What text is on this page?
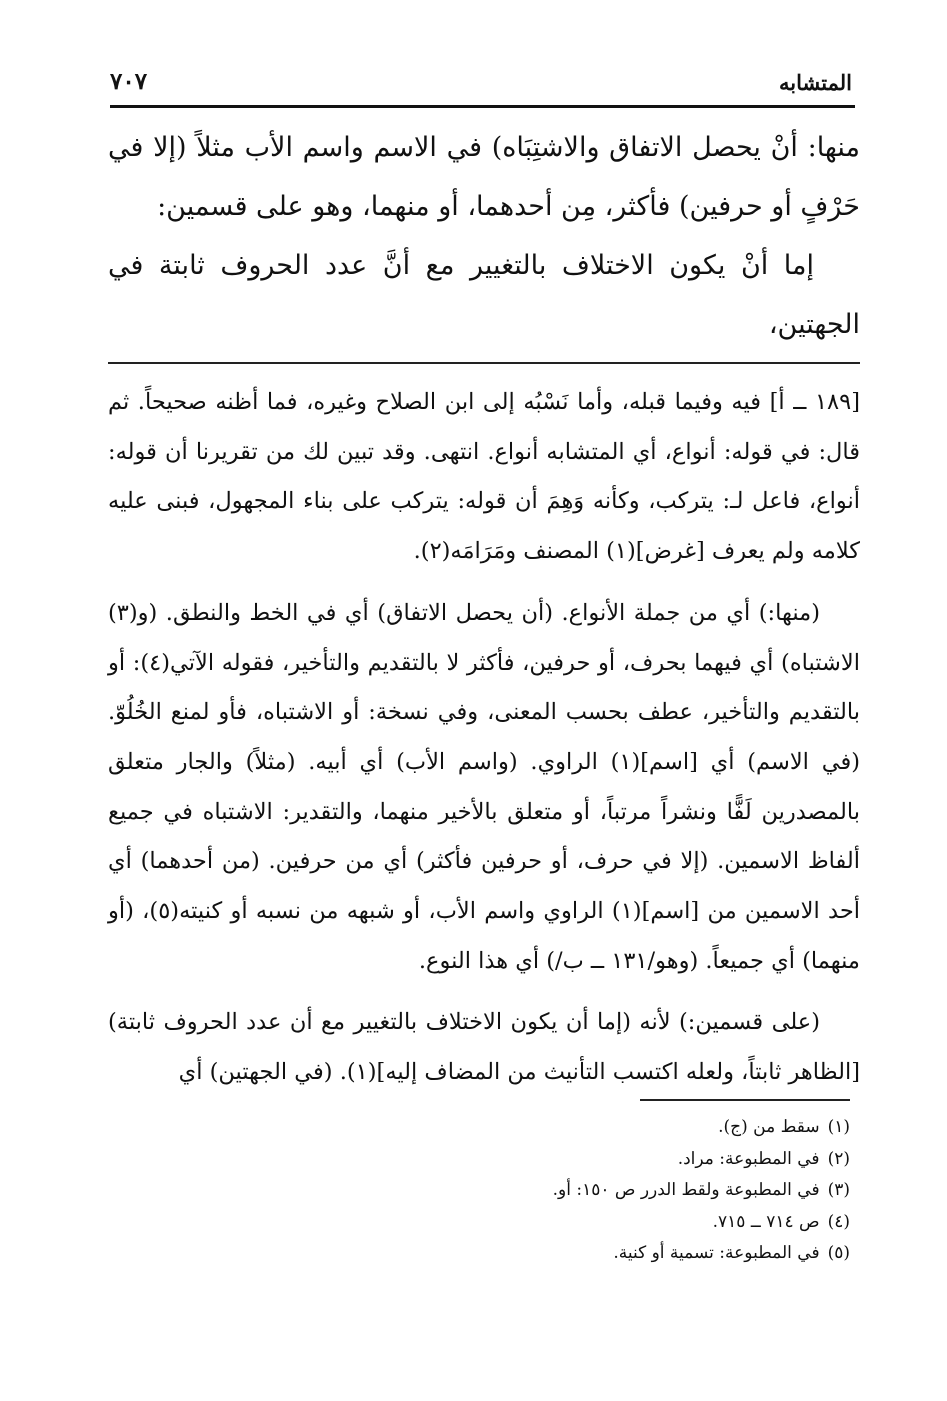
المتشابه
٧٠٧

منها: أنْ يحصل الاتفاق والاشتِبَاه) في الاسم واسم الأب مثلاً (إلا في حَرْفٍ أو حرفين) فأكثر، مِن أحدهما، أو منهما، وهو على قسمين:

إما أنْ يكون الاختلاف بالتغيير مع أنَّ عدد الحروف ثابتة في الجهتين،

[١٨٩ ــ أ] فيه وفيما قبله، وأما نَسْبُه إلى ابن الصلاح وغيره، فما أظنه صحيحاً. ثم قال: في قوله: أنواع، أي المتشابه أنواع. انتهى. وقد تبين لك من تقريرنا أن قوله: أنواع، فاعل لـ: يتركب، وكأنه وَهِمَ أن قوله: يتركب على بناء المجهول، فبنى عليه كلامه ولم يعرف [غرض](١) المصنف ومَرَامَه(٢).

(منها:) أي من جملة الأنواع. (أن يحصل الاتفاق) أي في الخط والنطق. (و(٣) الاشتباه) أي فيهما بحرف، أو حرفين، فأكثر لا بالتقديم والتأخير، فقوله الآتي(٤): أو بالتقديم والتأخير، عطف بحسب المعنى، وفي نسخة: أو الاشتباه، فأو لمنع الخُلُوّ. (في الاسم) أي [اسم](١) الراوي. (واسم الأب) أي أبيه. (مثلاً) والجار متعلق بالمصدرين لَفًّا ونشراً مرتباً، أو متعلق بالأخير منهما، والتقدير: الاشتباه في جميع ألفاظ الاسمين. (إلا في حرف، أو حرفين فأكثر) أي من حرفين. (من أحدهما) أي أحد الاسمين من [اسم](١) الراوي واسم الأب، أو شبهه من نسبه أو كنيته(٥)، (أو منهما) أي جميعاً. (وهو/١٣١ ــ ب/) أي هذا النوع.

(على قسمين:) لأنه (إما أن يكون الاختلاف بالتغيير مع أن عدد الحروف ثابتة) [الظاهر ثابتاً، ولعله اكتسب التأنيث من المضاف إليه](١). (في الجهتين) أي

(١)سقط من (ج).
(٢)في المطبوعة: مراد.
(٣)في المطبوعة ولقط الدرر ص ١٥٠: أو.
(٤)ص ٧١٤ ــ ٧١٥.
(٥)في المطبوعة: تسمية أو كنية.
